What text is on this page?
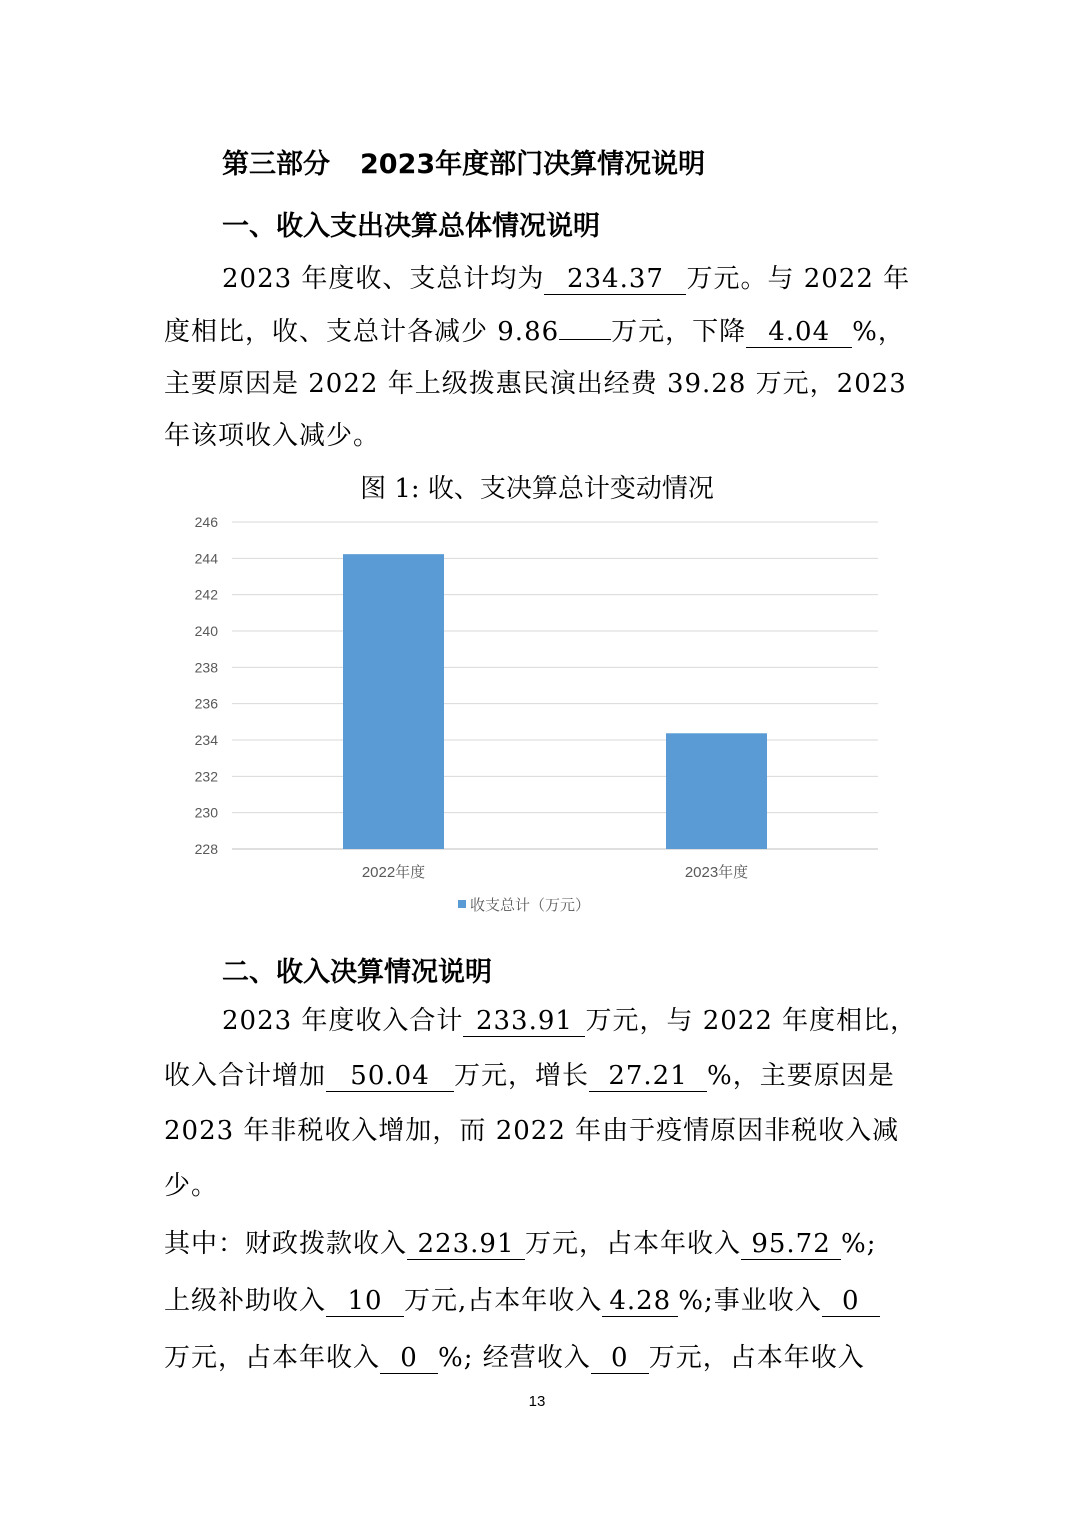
第三部分 2023年度部门决算情况说明
一、收入支出决算总体情况说明
2023 年度收、支总计均为 234.37 万元。与 2022 年
度相比，收、支总计各减少 9.86 万元，下降 4.04 %，
主要原因是 2022 年上级拨惠民演出经费 39.28 万元，2023
年该项收入减少。
图 1: 收、支决算总计变动情况
228
230
232
234
236
238
240
242
244
246
2022年度	2023年度
收支总计（万元）
二、收入决算情况说明
2023 年度收入合计 233.91 万元，与 2022 年度相比，
收入合计增加 50.04 万元，增长 27.21 %，主要原因是
2023 年非税收入增加，而 2022 年由于疫情原因非税收入减
少。
其中：财政拨款收入 223.91 万元，占本年收入 95.72 %;
上级补助收入 10 万元,占本年收入 4.28 %;事业收入 0
万元，占本年收入 0 %; 经营收入 0 万元，占本年收入
13
